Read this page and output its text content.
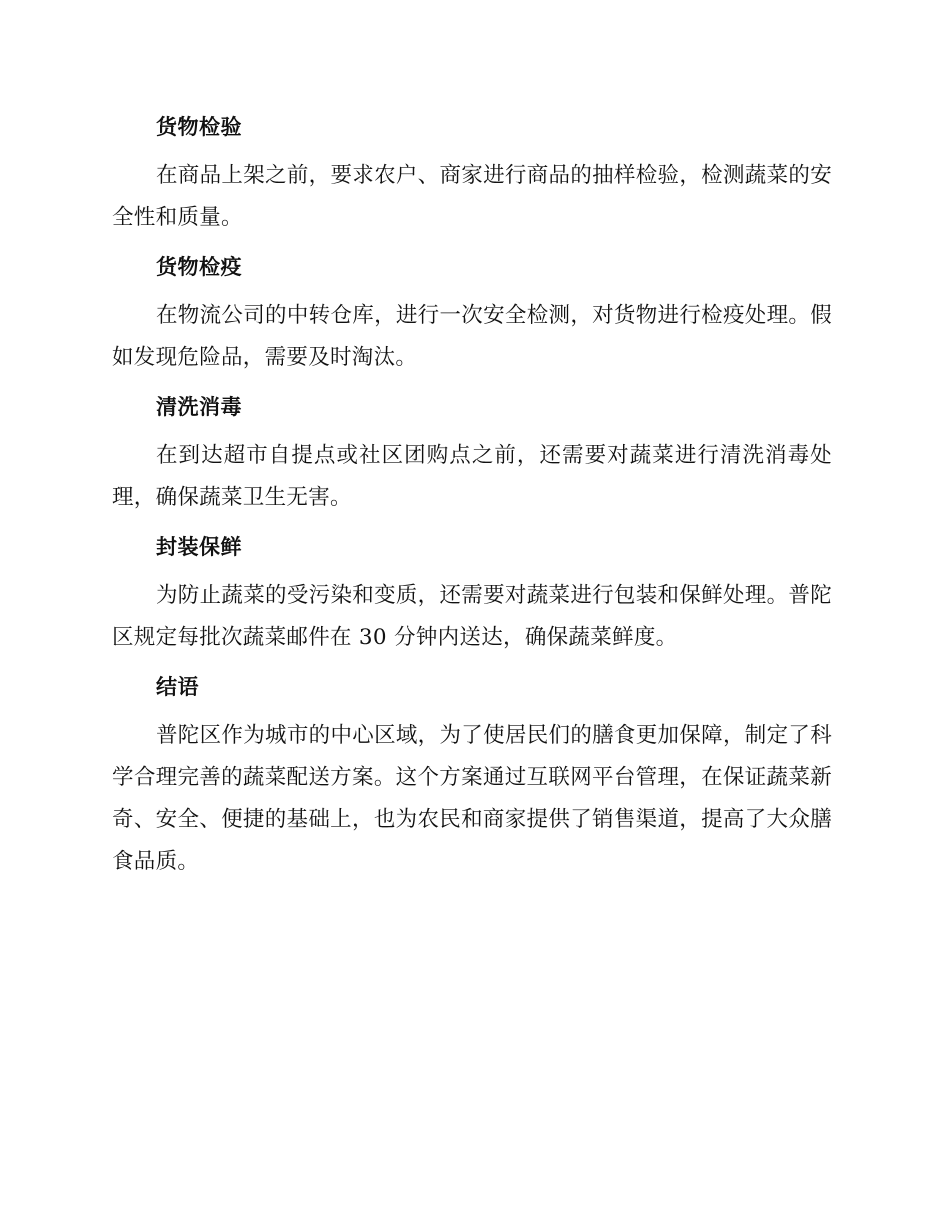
货物检验

在商品上架之前，要求农户、商家进行商品的抽样检验，检测蔬菜的安全性和质量。

货物检疫

在物流公司的中转仓库，进行一次安全检测，对货物进行检疫处理。假如发现危险品，需要及时淘汰。

清洗消毒

在到达超市自提点或社区团购点之前，还需要对蔬菜进行清洗消毒处理，确保蔬菜卫生无害。

封装保鲜

为防止蔬菜的受污染和变质，还需要对蔬菜进行包装和保鲜处理。普陀区规定每批次蔬菜邮件在 30 分钟内送达，确保蔬菜鲜度。

结语

普陀区作为城市的中心区域，为了使居民们的膳食更加保障，制定了科学合理完善的蔬菜配送方案。这个方案通过互联网平台管理，在保证蔬菜新奇、安全、便捷的基础上，也为农民和商家提供了销售渠道，提高了大众膳食品质。
